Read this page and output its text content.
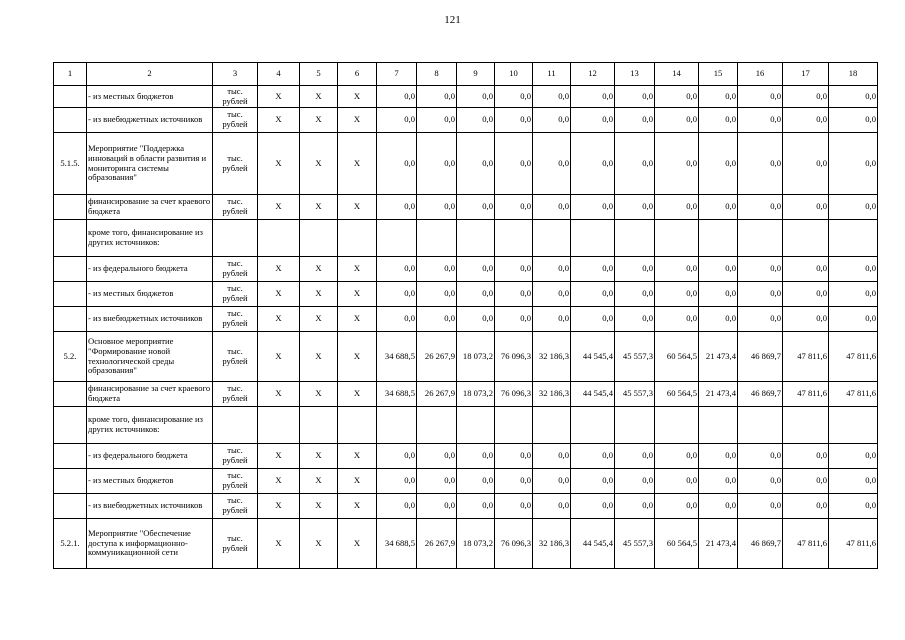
121
1	2	3	4	5	6	7	8	9	10	11	12	13	14	15	16	17	18
	- из местных бюджетов	тыс. рублей	X	X	X	0,0	0,0	0,0	0,0	0,0	0,0	0,0	0,0	0,0	0,0	0,0	0,0
	- из внебюджетных источников	тыс. рублей	X	X	X	0,0	0,0	0,0	0,0	0,0	0,0	0,0	0,0	0,0	0,0	0,0	0,0
5.1.5.	Мероприятие "Поддержка инноваций в области развития и мониторинга системы образования"	тыс. рублей	X	X	X	0,0	0,0	0,0	0,0	0,0	0,0	0,0	0,0	0,0	0,0	0,0	0,0
	финансирование за счет краевого бюджета	тыс. рублей	X	X	X	0,0	0,0	0,0	0,0	0,0	0,0	0,0	0,0	0,0	0,0	0,0	0,0
	кроме того, финансирование из других источников:																
	- из федерального бюджета	тыс. рублей	X	X	X	0,0	0,0	0,0	0,0	0,0	0,0	0,0	0,0	0,0	0,0	0,0	0,0
	- из местных бюджетов	тыс. рублей	X	X	X	0,0	0,0	0,0	0,0	0,0	0,0	0,0	0,0	0,0	0,0	0,0	0,0
	- из внебюджетных источников	тыс. рублей	X	X	X	0,0	0,0	0,0	0,0	0,0	0,0	0,0	0,0	0,0	0,0	0,0	0,0
5.2.	Основное мероприятие "Формирование новой технологической среды образования"	тыс. рублей	X	X	X	34 688,5	26 267,9	18 073,2	76 096,3	32 186,3	44 545,4	45 557,3	60 564,5	21 473,4	46 869,7	47 811,6	47 811,6
	финансирование за счет краевого бюджета	тыс. рублей	X	X	X	34 688,5	26 267,9	18 073,2	76 096,3	32 186,3	44 545,4	45 557,3	60 564,5	21 473,4	46 869,7	47 811,6	47 811,6
	кроме того, финансирование из других источников:																
	- из федерального бюджета	тыс. рублей	X	X	X	0,0	0,0	0,0	0,0	0,0	0,0	0,0	0,0	0,0	0,0	0,0	0,0
	- из местных бюджетов	тыс. рублей	X	X	X	0,0	0,0	0,0	0,0	0,0	0,0	0,0	0,0	0,0	0,0	0,0	0,0
	- из внебюджетных источников	тыс. рублей	X	X	X	0,0	0,0	0,0	0,0	0,0	0,0	0,0	0,0	0,0	0,0	0,0	0,0
5.2.1.	Мероприятие "Обеспечение доступа к информационно-коммуникационной сети	тыс. рублей	X	X	X	34 688,5	26 267,9	18 073,2	76 096,3	32 186,3	44 545,4	45 557,3	60 564,5	21 473,4	46 869,7	47 811,6	47 811,6
